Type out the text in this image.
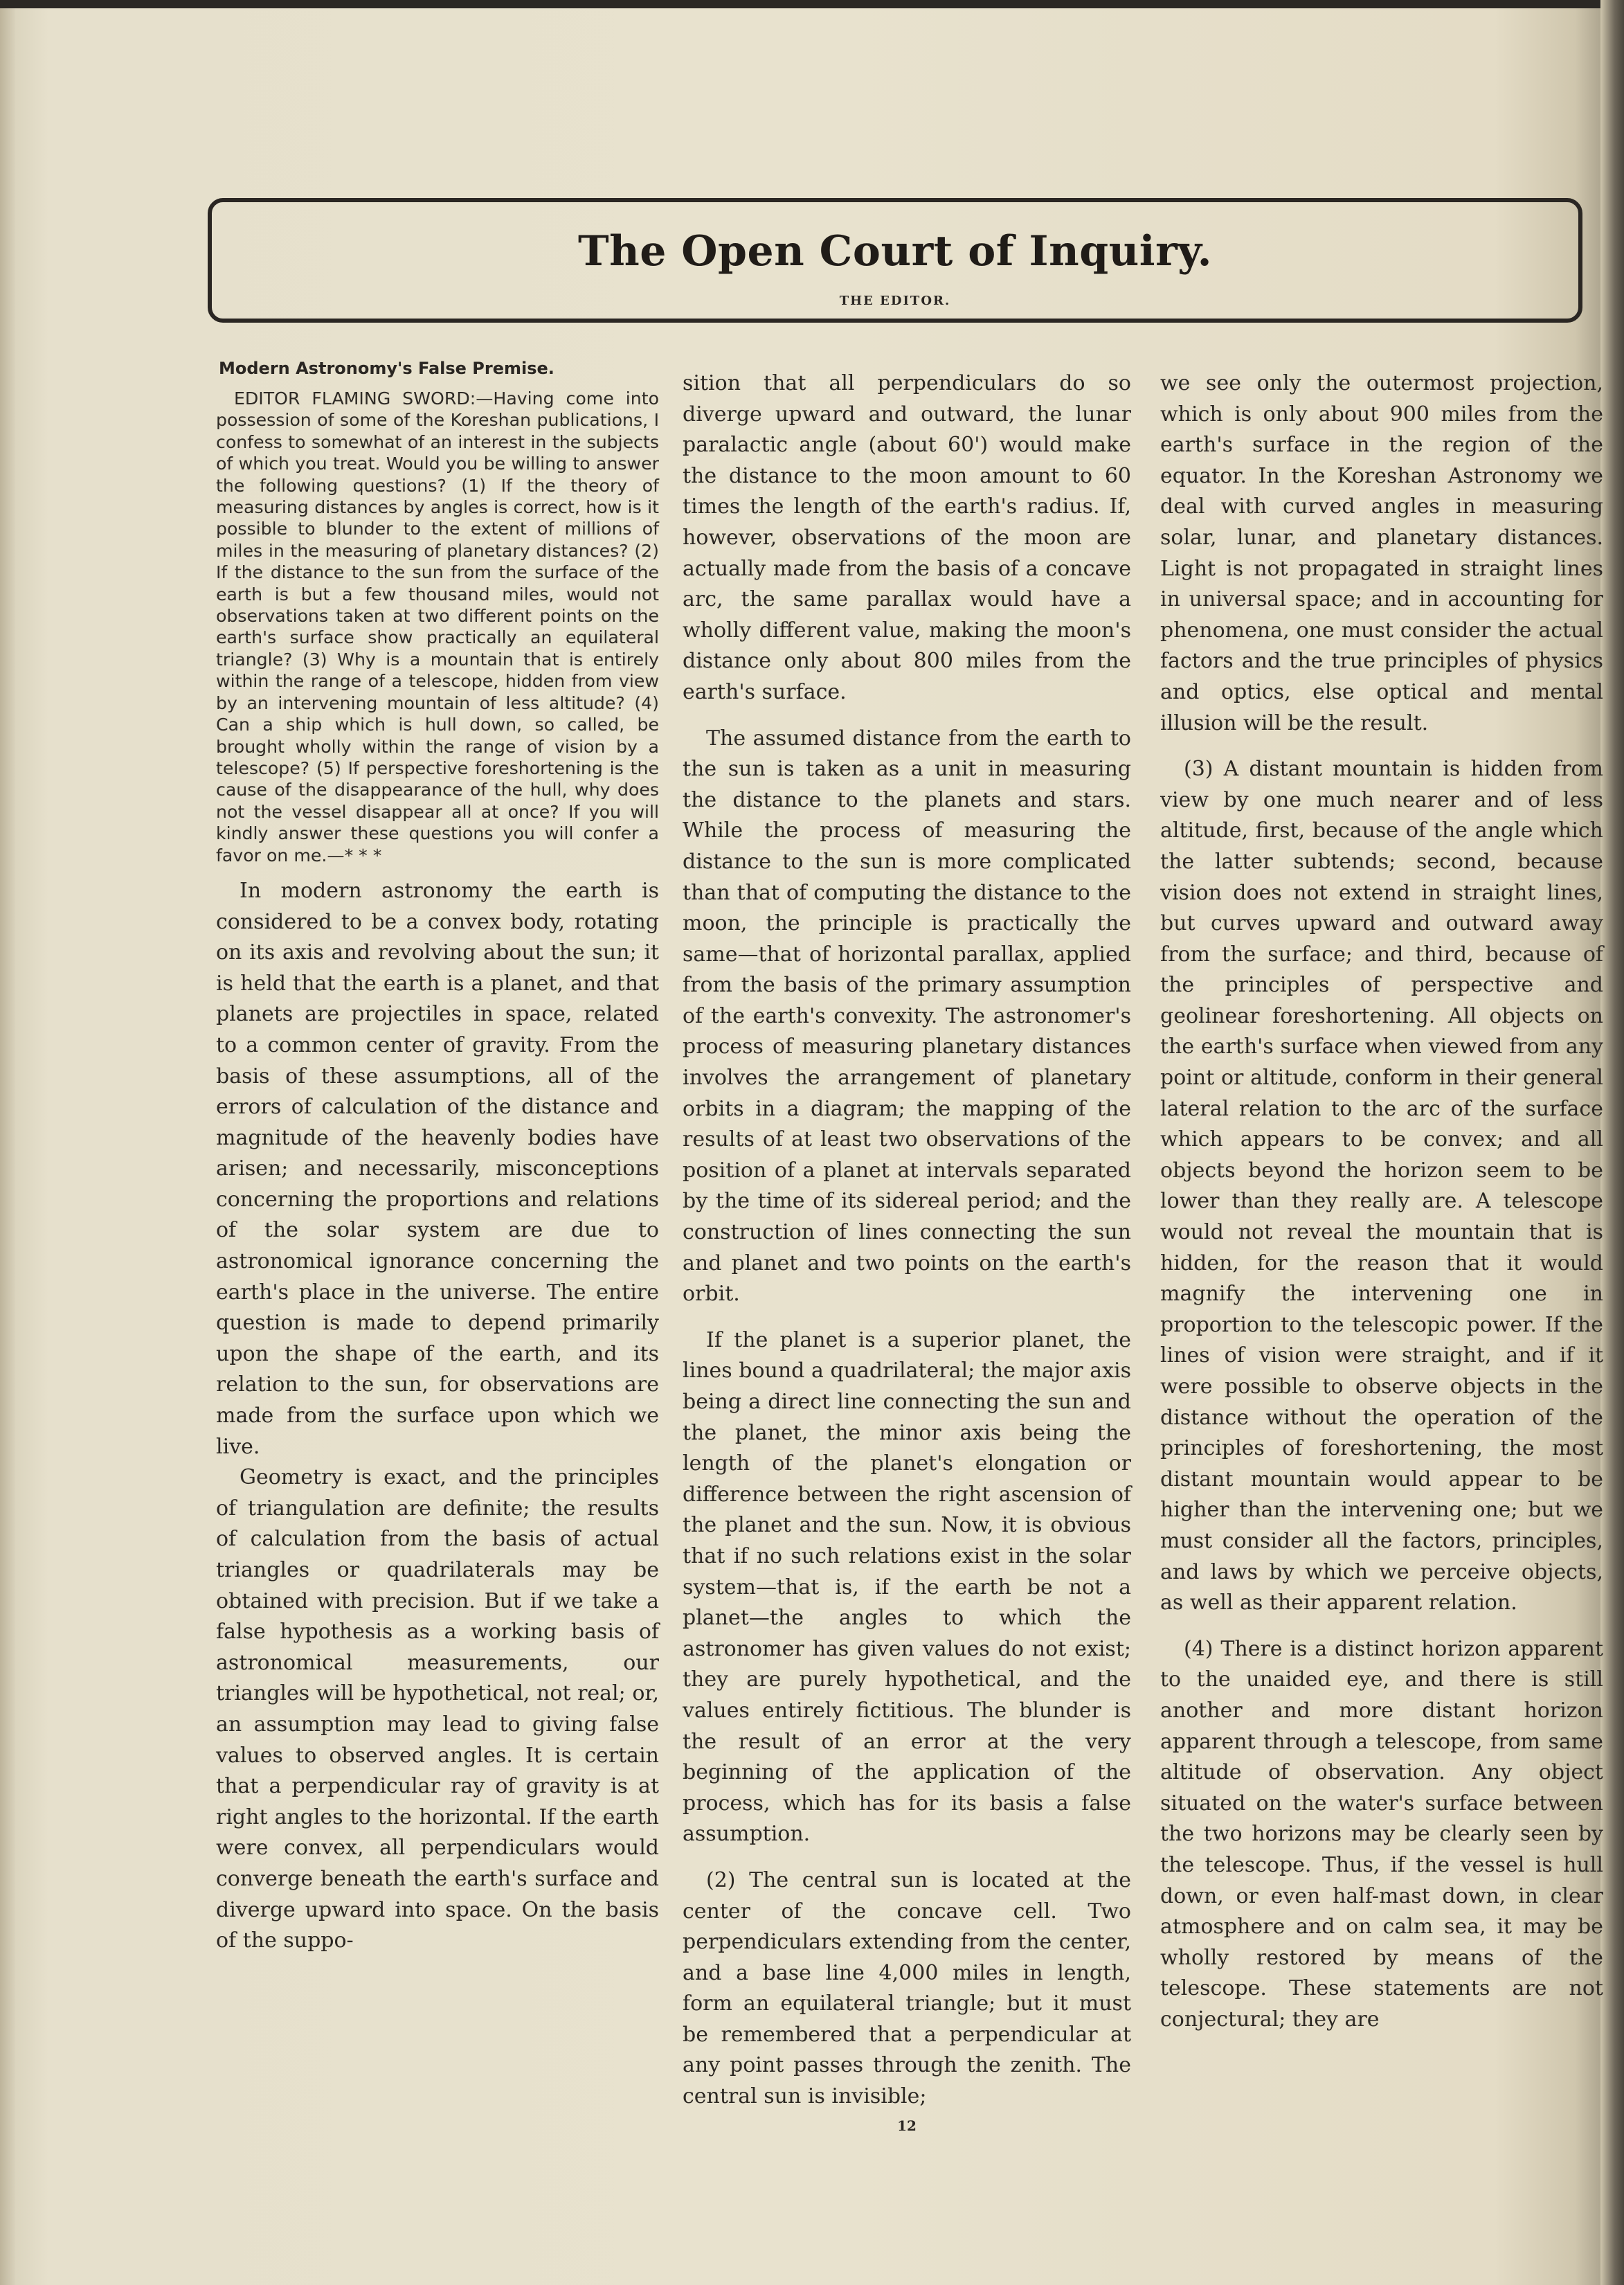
The Open Court of Inquiry.
THE EDITOR.
Modern Astronomy's False Premise.

EDITOR FLAMING SWORD:—Having come into possession of some of the Koreshan publications, I confess to somewhat of an interest in the subjects of which you treat. Would you be willing to answer the following questions? (1) If the theory of measuring distances by angles is correct, how is it possible to blunder to the extent of millions of miles in the measuring of planetary distances? (2) If the distance to the sun from the surface of the earth is but a few thousand miles, would not observations taken at two different points on the earth's surface show practically an equilateral triangle? (3) Why is a mountain that is entirely within the range of a telescope, hidden from view by an intervening mountain of less altitude? (4) Can a ship which is hull down, so called, be brought wholly within the range of vision by a telescope? (5) If perspective foreshortening is the cause of the disappearance of the hull, why does not the vessel disappear all at once? If you will kindly answer these questions you will confer a favor on me.—* * *

In modern astronomy the earth is considered to be a convex body, rotating on its axis and revolving about the sun; it is held that the earth is a planet, and that planets are projectiles in space, related to a common center of gravity. From the basis of these assumptions, all of the errors of calculation of the distance and magnitude of the heavenly bodies have arisen; and necessarily, misconceptions concerning the proportions and relations of the solar system are due to astronomical ignorance concerning the earth's place in the universe. The entire question is made to depend primarily upon the shape of the earth, and its relation to the sun, for observations are made from the surface upon which we live.

Geometry is exact, and the principles of triangulation are definite; the results of calculation from the basis of actual triangles or quadrilaterals may be obtained with precision. But if we take a false hypothesis as a working basis of astronomical measurements, our triangles will be hypothetical, not real; or, an assumption may lead to giving false values to observed angles. It is certain that a perpendicular ray of gravity is at right angles to the horizontal. If the earth were convex, all perpendiculars would converge beneath the earth's surface and diverge upward into space. On the basis of the suppo-

sition that all perpendiculars do so diverge upward and outward, the lunar paralactic angle (about 60') would make the distance to the moon amount to 60 times the length of the earth's radius. If, however, observations of the moon are actually made from the basis of a concave arc, the same parallax would have a wholly different value, making the moon's distance only about 800 miles from the earth's surface.

The assumed distance from the earth to the sun is taken as a unit in measuring the distance to the planets and stars. While the process of measuring the distance to the sun is more complicated than that of computing the distance to the moon, the principle is practically the same—that of horizontal parallax, applied from the basis of the primary assumption of the earth's convexity. The astronomer's process of measuring planetary distances involves the arrangement of planetary orbits in a diagram; the mapping of the results of at least two observations of the position of a planet at intervals separated by the time of its sidereal period; and the construction of lines connecting the sun and planet and two points on the earth's orbit.

If the planet is a superior planet, the lines bound a quadrilateral; the major axis being a direct line connecting the sun and the planet, the minor axis being the length of the planet's elongation or difference between the right ascension of the planet and the sun. Now, it is obvious that if no such relations exist in the solar system—that is, if the earth be not a planet—the angles to which the astronomer has given values do not exist; they are purely hypothetical, and the values entirely fictitious. The blunder is the result of an error at the very beginning of the application of the process, which has for its basis a false assumption.

(2) The central sun is located at the center of the concave cell. Two perpendiculars extending from the center, and a base line 4,000 miles in length, form an equilateral triangle; but it must be remembered that a perpendicular at any point passes through the zenith. The central sun is invisible;

we see only the outermost projection, which is only about 900 miles from the earth's surface in the region of the equator. In the Koreshan Astronomy we deal with curved angles in measuring solar, lunar, and planetary distances. Light is not propagated in straight lines in universal space; and in accounting for phenomena, one must consider the actual factors and the true principles of physics and optics, else optical and mental illusion will be the result.

(3) A distant mountain is hidden from view by one much nearer and of less altitude, first, because of the angle which the latter subtends; second, because vision does not extend in straight lines, but curves upward and outward away from the surface; and third, because of the principles of perspective and geolinear foreshortening. All objects on the earth's surface when viewed from any point or altitude, conform in their general lateral relation to the arc of the surface which appears to be convex; and all objects beyond the horizon seem to be lower than they really are. A telescope would not reveal the mountain that is hidden, for the reason that it would magnify the intervening one in proportion to the telescopic power. If the lines of vision were straight, and if it were possible to observe objects in the distance without the operation of the principles of foreshortening, the most distant mountain would appear to be higher than the intervening one; but we must consider all the factors, principles, and laws by which we perceive objects, as well as their apparent relation.

(4) There is a distinct horizon apparent to the unaided eye, and there is still another and more distant horizon apparent through a telescope, from same altitude of observation. Any object situated on the water's surface between the two horizons may be clearly seen by the telescope. Thus, if the vessel is hull down, or even half-mast down, in clear atmosphere and on calm sea, it may be wholly restored by means of the telescope. These statements are not conjectural; they are

12
